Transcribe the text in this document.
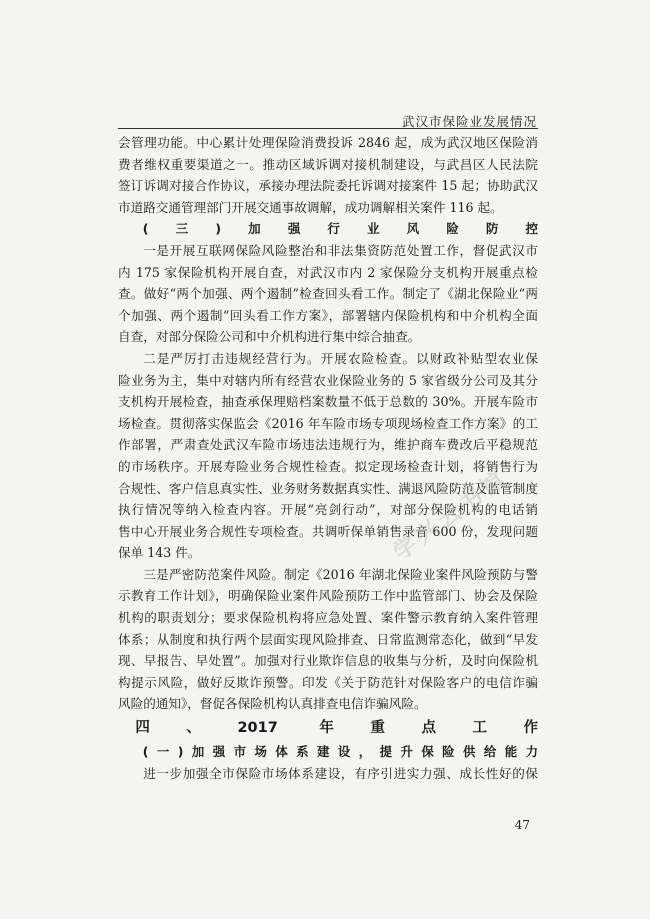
武汉市保险业发展情况

会管理功能。中心累计处理保险消费投诉 2846 起，成为武汉地区保险消

费者维权重要渠道之一。推动区域诉调对接机制建设，与武昌区人民法院

签订诉调对接合作协议，承接办理法院委托诉调对接案件 15 起；协助武汉

市道路交通管理部门开展交通事故调解，成功调解相关案件 116 起。

(三)加强行业风险防控

一是开展互联网保险风险整治和非法集资防范处置工作，督促武汉市

内 175 家保险机构开展自查，对武汉市内 2 家保险分支机构开展重点检

查。做好“两个加强、两个遏制”检查回头看工作。制定了《湖北保险业“两

个加强、两个遏制”回头看工作方案》，部署辖内保险机构和中介机构全面

自查，对部分保险公司和中介机构进行集中综合抽查。

二是严厉打击违规经营行为。开展农险检查。以财政补贴型农业保

险业务为主，集中对辖内所有经营农业保险业务的 5 家省级分公司及其分

支机构开展检查，抽查承保理赔档案数量不低于总数的 30%。开展车险市

场检查。贯彻落实保监会《2016 年车险市场专项现场检查工作方案》的工

作部署，严肃查处武汉车险市场违法违规行为，维护商车费改后平稳规范

的市场秩序。开展寿险业务合规性检查。拟定现场检查计划，将销售行为

合规性、客户信息真实性、业务财务数据真实性、满退风险防范及监管制度

执行情况等纳入检查内容。开展“亮剑行动”，对部分保险机构的电话销

售中心开展业务合规性专项检查。共调听保单销售录音 600 份，发现问题

保单 143 件。

三是严密防范案件风险。制定《2016 年湖北保险业案件风险预防与警

示教育工作计划》，明确保险业案件风险预防工作中监管部门、协会及保险

机构的职责划分；要求保险机构将应急处置、案件警示教育纳入案件管理

体系；从制度和执行两个层面实现风险排查、日常监测常态化，做到“早发

现、早报告、早处置”。加强对行业欺诈信息的收集与分析，及时向保险机

构提示风险，做好反欺诈预警。印发《关于防范针对保险客户的电信诈骗

风险的通知》，督促各保险机构认真排查电信诈骗风险。

四、2017 年重点工作

(一)加强市场体系建设，提升保险供给能力

进一步加强全市保险市场体系建设，有序引进实力强、成长性好的保

学兴云书馆
47
